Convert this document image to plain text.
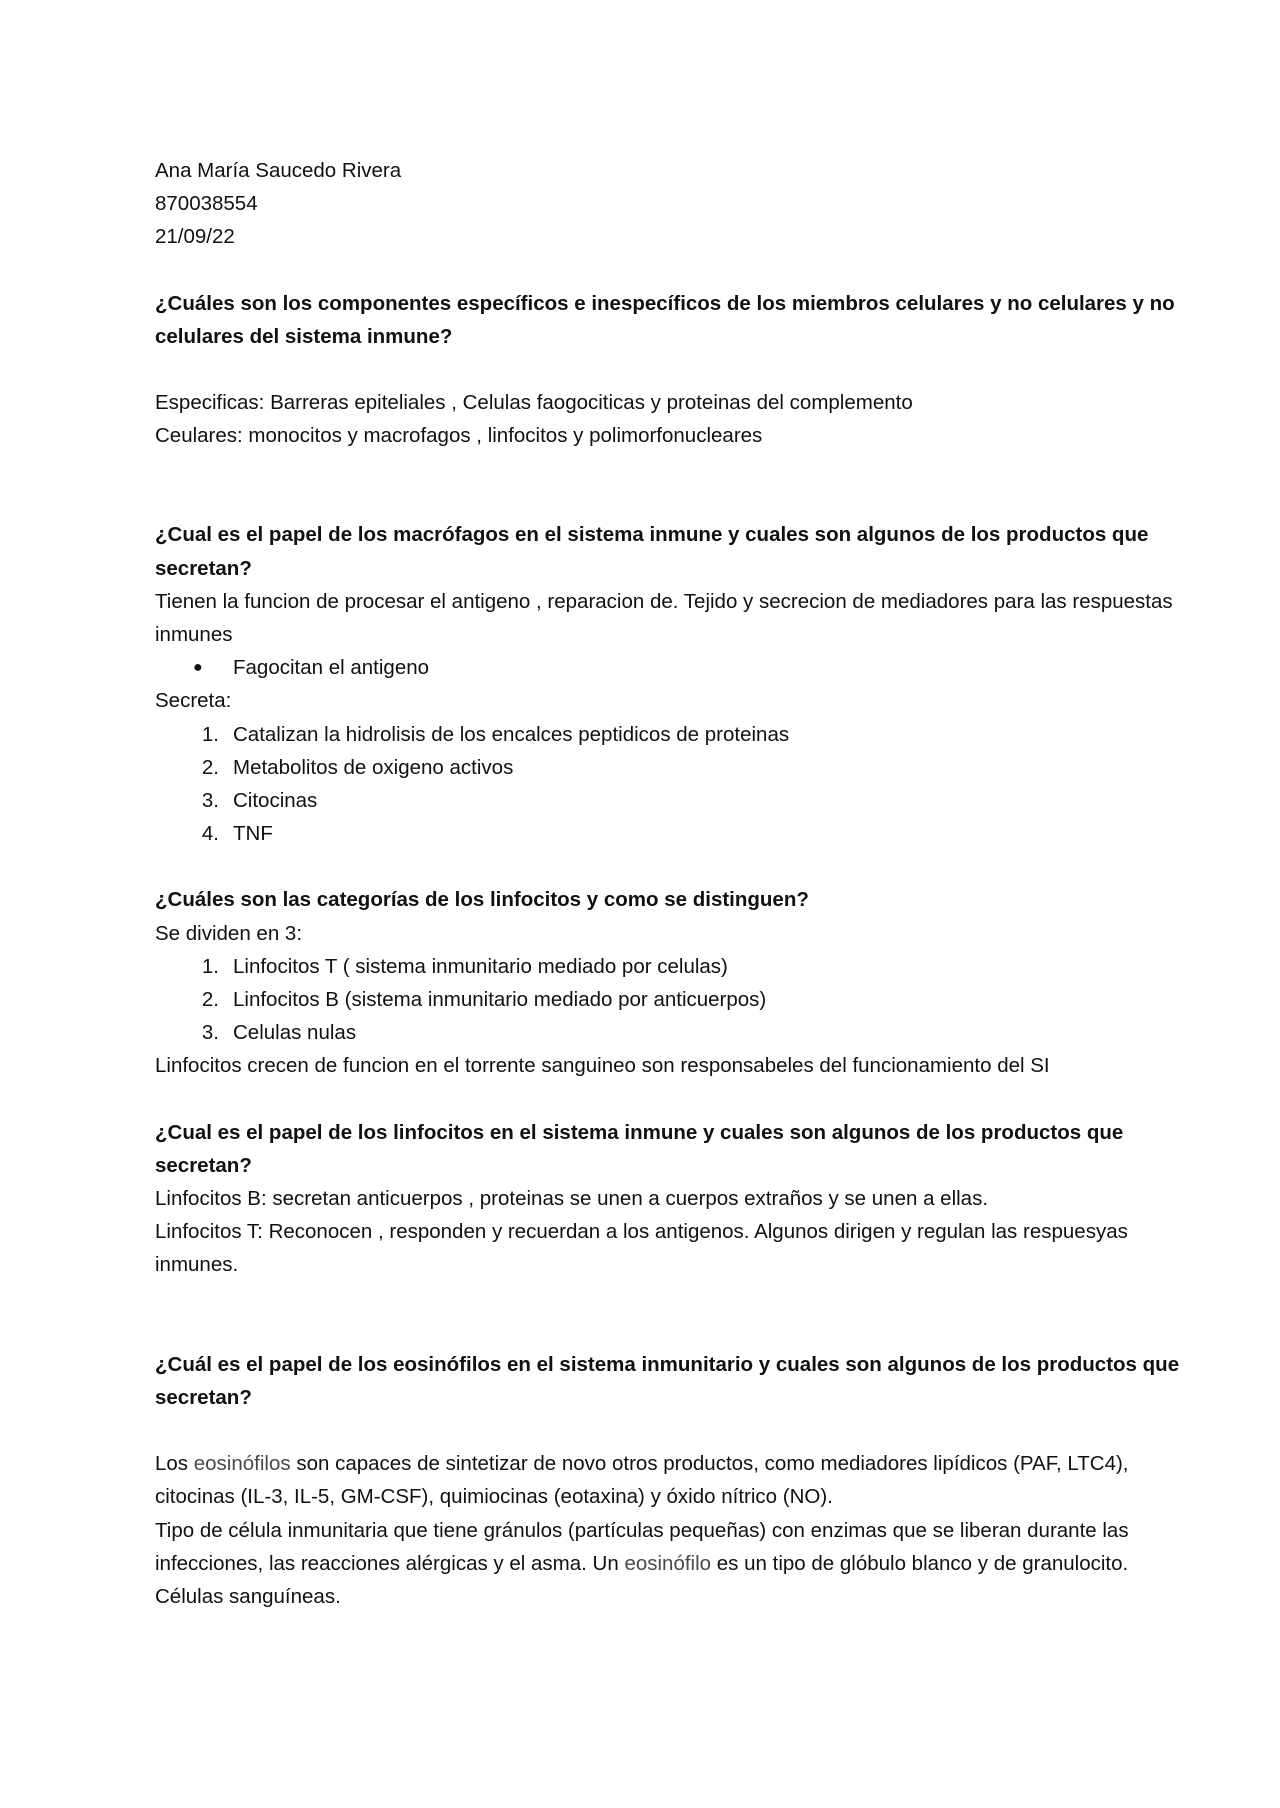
Ana María Saucedo Rivera

870038554

21/09/22

¿Cuáles son los componentes específicos e inespecíficos de los miembros celulares y no celulares y no celulares del sistema inmune?

Especificas: Barreras epiteliales , Celulas faogociticas y proteinas del complemento

Ceulares: monocitos y macrofagos , linfocitos y polimorfonucleares

¿Cual es el papel de los macrófagos en el sistema inmune y cuales son algunos de los productos que secretan?

Tienen la funcion de procesar el antigeno , reparacion de. Tejido y secrecion de mediadores para las respuestas inmunes

●	Fagocitan el antigeno

Secreta:

1. Catalizan la hidrolisis de los encalces peptidicos de proteinas
2. Metabolitos de oxigeno activos
3. Citocinas
4. TNF

¿Cuáles son las categorías de los linfocitos y como se distinguen?

Se dividen en 3:

1. Linfocitos T ( sistema inmunitario mediado por celulas)
2. Linfocitos B (sistema inmunitario mediado por anticuerpos)
3. Celulas nulas

Linfocitos crecen de funcion en el torrente sanguineo son responsabeles del funcionamiento del SI

¿Cual es el papel de los linfocitos en el sistema inmune y cuales son algunos de los productos que secretan?

Linfocitos B: secretan anticuerpos , proteinas se unen a cuerpos extraños y se unen a ellas.

Linfocitos T: Reconocen , responden y recuerdan a los antigenos. Algunos dirigen y regulan las respuesyas inmunes.

¿Cuál es el papel de los eosinófilos en el sistema inmunitario y cuales son algunos de los productos que secretan?

Los eosinófilos son capaces de sintetizar de novo otros productos, como mediadores lipídicos (PAF, LTC4), citocinas (IL-3, IL-5, GM-CSF), quimiocinas (eotaxina) y óxido nítrico (NO).

Tipo de célula inmunitaria que tiene gránulos (partículas pequeñas) con enzimas que se liberan durante las infecciones, las reacciones alérgicas y el asma. Un eosinófilo es un tipo de glóbulo blanco y de granulocito. Células sanguíneas.
